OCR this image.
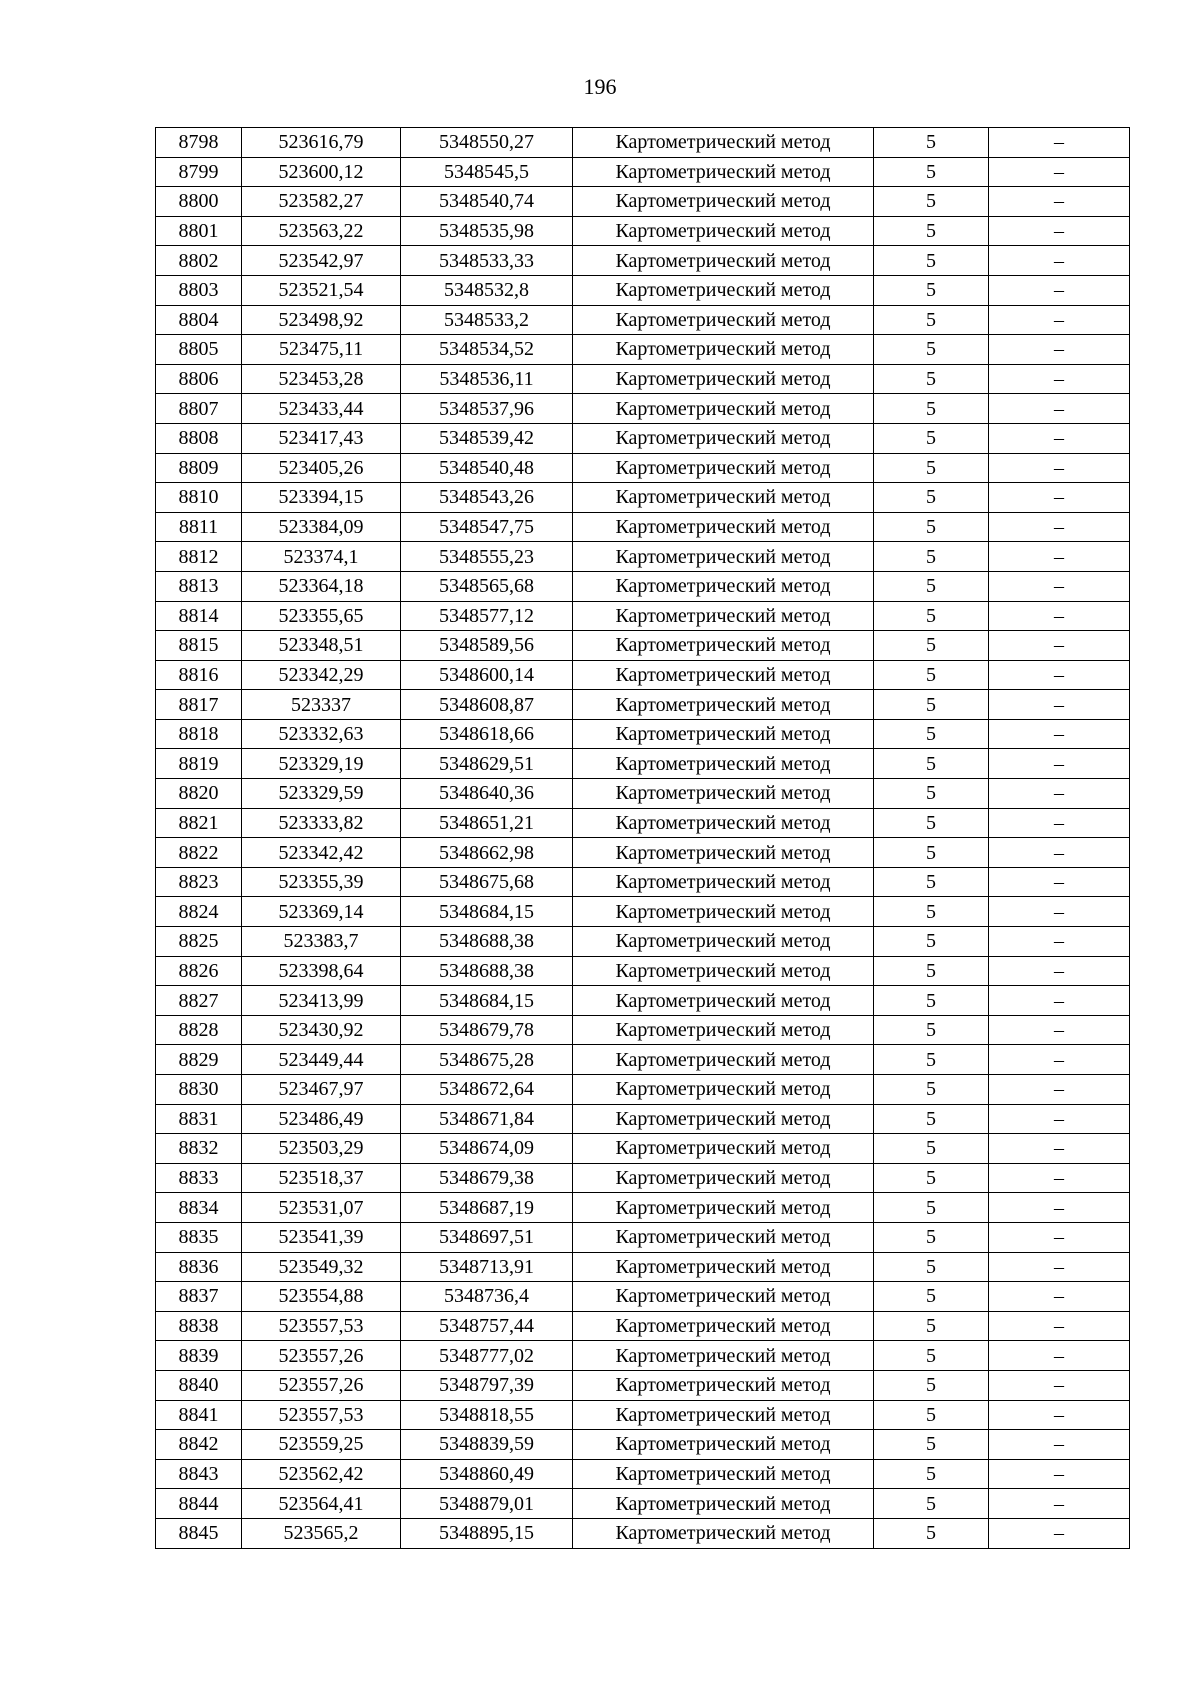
196
8798	523616,79	5348550,27	Картометрический метод	5	–
8799	523600,12	5348545,5	Картометрический метод	5	–
8800	523582,27	5348540,74	Картометрический метод	5	–
8801	523563,22	5348535,98	Картометрический метод	5	–
8802	523542,97	5348533,33	Картометрический метод	5	–
8803	523521,54	5348532,8	Картометрический метод	5	–
8804	523498,92	5348533,2	Картометрический метод	5	–
8805	523475,11	5348534,52	Картометрический метод	5	–
8806	523453,28	5348536,11	Картометрический метод	5	–
8807	523433,44	5348537,96	Картометрический метод	5	–
8808	523417,43	5348539,42	Картометрический метод	5	–
8809	523405,26	5348540,48	Картометрический метод	5	–
8810	523394,15	5348543,26	Картометрический метод	5	–
8811	523384,09	5348547,75	Картометрический метод	5	–
8812	523374,1	5348555,23	Картометрический метод	5	–
8813	523364,18	5348565,68	Картометрический метод	5	–
8814	523355,65	5348577,12	Картометрический метод	5	–
8815	523348,51	5348589,56	Картометрический метод	5	–
8816	523342,29	5348600,14	Картометрический метод	5	–
8817	523337	5348608,87	Картометрический метод	5	–
8818	523332,63	5348618,66	Картометрический метод	5	–
8819	523329,19	5348629,51	Картометрический метод	5	–
8820	523329,59	5348640,36	Картометрический метод	5	–
8821	523333,82	5348651,21	Картометрический метод	5	–
8822	523342,42	5348662,98	Картометрический метод	5	–
8823	523355,39	5348675,68	Картометрический метод	5	–
8824	523369,14	5348684,15	Картометрический метод	5	–
8825	523383,7	5348688,38	Картометрический метод	5	–
8826	523398,64	5348688,38	Картометрический метод	5	–
8827	523413,99	5348684,15	Картометрический метод	5	–
8828	523430,92	5348679,78	Картометрический метод	5	–
8829	523449,44	5348675,28	Картометрический метод	5	–
8830	523467,97	5348672,64	Картометрический метод	5	–
8831	523486,49	5348671,84	Картометрический метод	5	–
8832	523503,29	5348674,09	Картометрический метод	5	–
8833	523518,37	5348679,38	Картометрический метод	5	–
8834	523531,07	5348687,19	Картометрический метод	5	–
8835	523541,39	5348697,51	Картометрический метод	5	–
8836	523549,32	5348713,91	Картометрический метод	5	–
8837	523554,88	5348736,4	Картометрический метод	5	–
8838	523557,53	5348757,44	Картометрический метод	5	–
8839	523557,26	5348777,02	Картометрический метод	5	–
8840	523557,26	5348797,39	Картометрический метод	5	–
8841	523557,53	5348818,55	Картометрический метод	5	–
8842	523559,25	5348839,59	Картометрический метод	5	–
8843	523562,42	5348860,49	Картометрический метод	5	–
8844	523564,41	5348879,01	Картометрический метод	5	–
8845	523565,2	5348895,15	Картометрический метод	5	–
